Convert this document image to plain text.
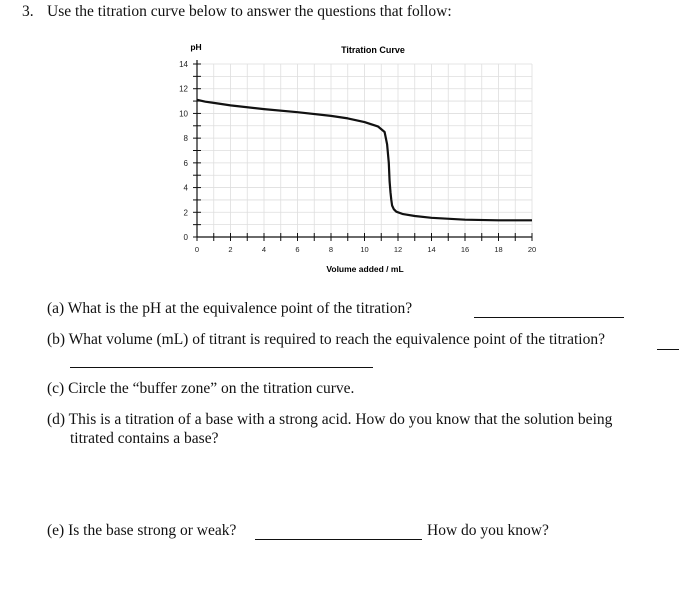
3. Use the titration curve below to answer the questions that follow:
0
2
4
6
8
10
12
14
0	2	4	6	8	10	12	14	16	18	20
Titration Curve
pH
Volume added / mL
(a) What is the pH at the equivalence point of the titration?
(b) What volume (mL) of titrant is required to reach the equivalence point of the titration?
(c) Circle the “buffer zone” on the titration curve.
(d) This is a titration of a base with a strong acid. How do you know that the solution being
titrated contains a base?
(e) Is the base strong or weak?	How do you know?
